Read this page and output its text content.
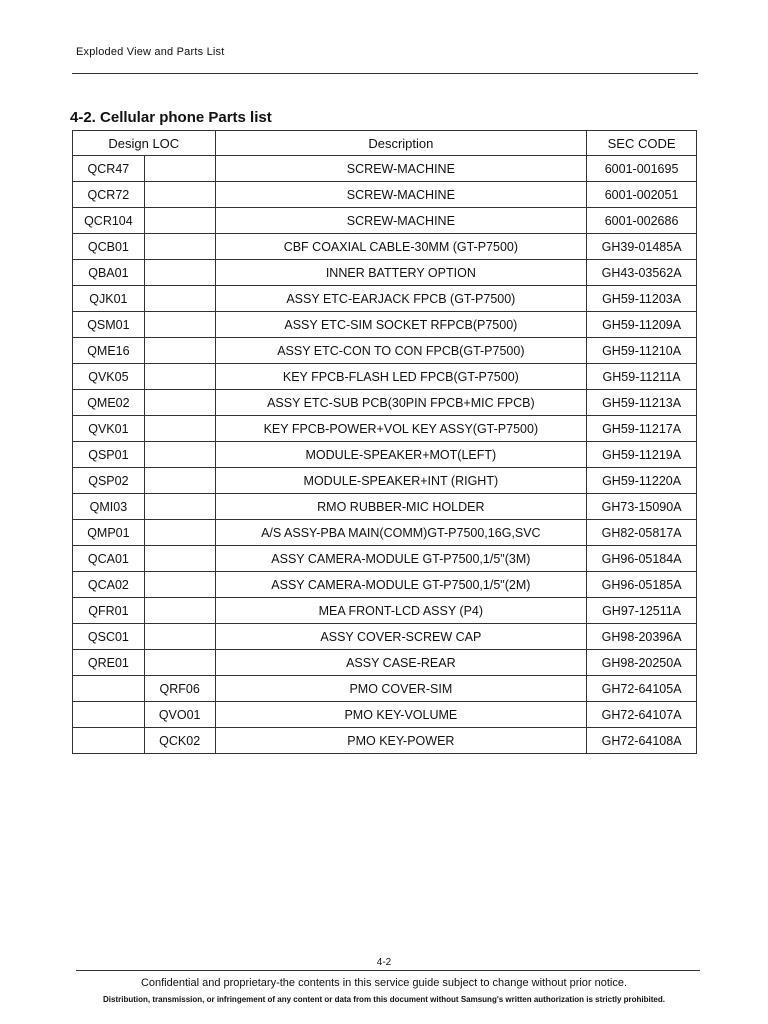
Exploded View and Parts List
4-2. Cellular phone Parts list
Design LOC		Description	SEC CODE
QCR47		SCREW-MACHINE	6001-001695
QCR72		SCREW-MACHINE	6001-002051
QCR104		SCREW-MACHINE	6001-002686
QCB01		CBF COAXIAL CABLE-30MM (GT-P7500)	GH39-01485A
QBA01		INNER BATTERY OPTION	GH43-03562A
QJK01		ASSY ETC-EARJACK FPCB (GT-P7500)	GH59-11203A
QSM01		ASSY ETC-SIM SOCKET RFPCB(P7500)	GH59-11209A
QME16		ASSY ETC-CON TO CON FPCB(GT-P7500)	GH59-11210A
QVK05		KEY FPCB-FLASH LED FPCB(GT-P7500)	GH59-11211A
QME02		ASSY ETC-SUB PCB(30PIN FPCB+MIC FPCB)	GH59-11213A
QVK01		KEY FPCB-POWER+VOL KEY ASSY(GT-P7500)	GH59-11217A
QSP01		MODULE-SPEAKER+MOT(LEFT)	GH59-11219A
QSP02		MODULE-SPEAKER+INT (RIGHT)	GH59-11220A
QMI03		RMO RUBBER-MIC HOLDER	GH73-15090A
QMP01		A/S ASSY-PBA MAIN(COMM)GT-P7500,16G,SVC	GH82-05817A
QCA01		ASSY CAMERA-MODULE GT-P7500,1/5"(3M)	GH96-05184A
QCA02		ASSY CAMERA-MODULE GT-P7500,1/5"(2M)	GH96-05185A
QFR01		MEA FRONT-LCD ASSY (P4)	GH97-12511A
QSC01		ASSY COVER-SCREW CAP	GH98-20396A
QRE01		ASSY CASE-REAR	GH98-20250A
	QRF06	PMO COVER-SIM	GH72-64105A
	QVO01	PMO KEY-VOLUME	GH72-64107A
	QCK02	PMO KEY-POWER	GH72-64108A
4-2
Confidential and proprietary-the contents in this service guide subject to change without prior notice.
Distribution, transmission, or infringement of any content or data from this document without Samsung's written authorization is strictly prohibited.
